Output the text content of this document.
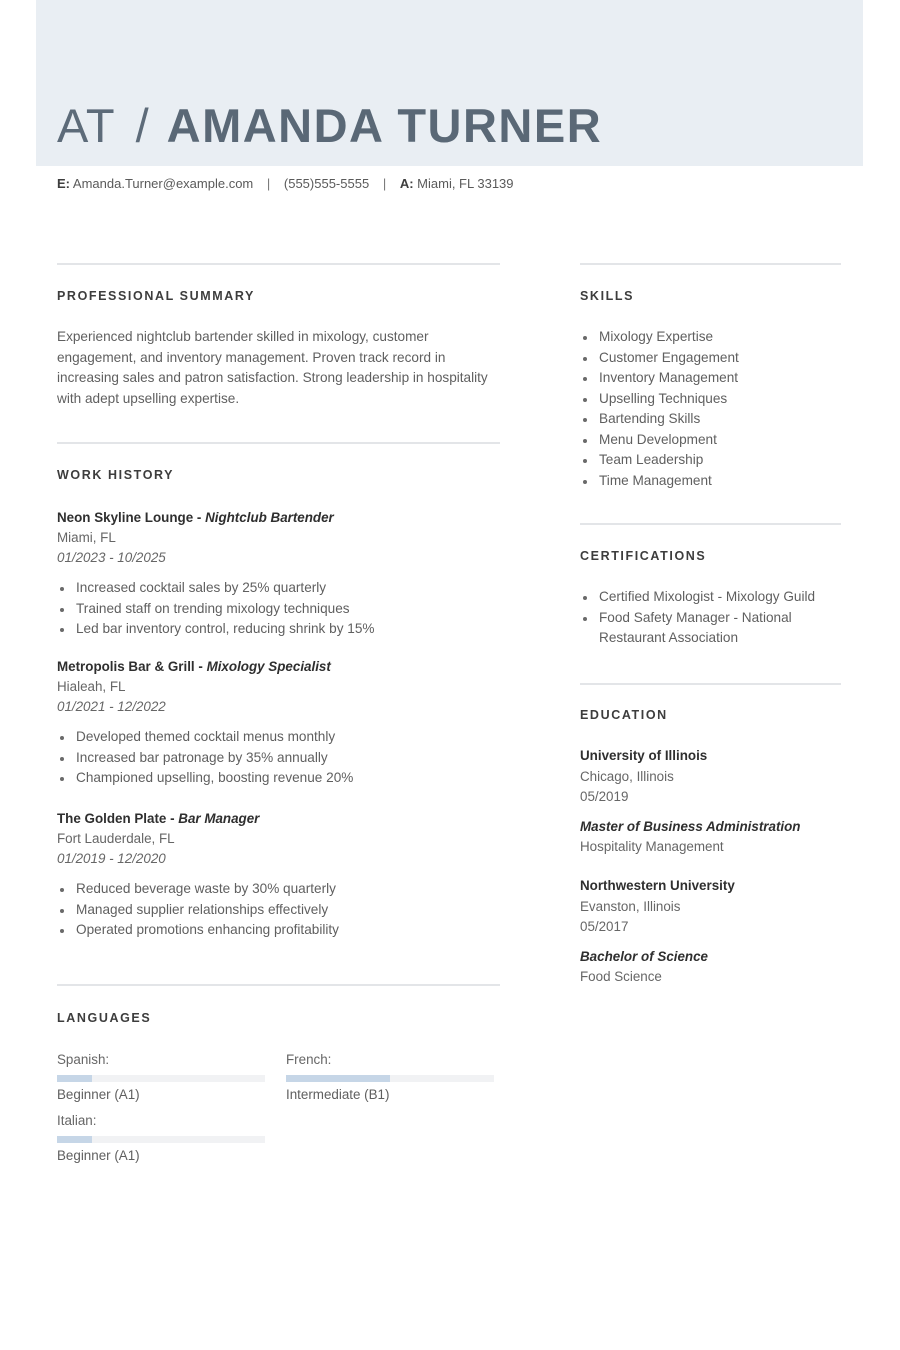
AT / AMANDA TURNER
E: Amanda.Turner@example.com | (555)555-5555 | A: Miami, FL 33139
PROFESSIONAL SUMMARY
Experienced nightclub bartender skilled in mixology, customer engagement, and inventory management. Proven track record in increasing sales and patron satisfaction. Strong leadership in hospitality with adept upselling expertise.
WORK HISTORY
Neon Skyline Lounge - Nightclub Bartender
Miami, FL
01/2023 - 10/2025
Increased cocktail sales by 25% quarterly
Trained staff on trending mixology techniques
Led bar inventory control, reducing shrink by 15%
Metropolis Bar & Grill - Mixology Specialist
Hialeah, FL
01/2021 - 12/2022
Developed themed cocktail menus monthly
Increased bar patronage by 35% annually
Championed upselling, boosting revenue 20%
The Golden Plate - Bar Manager
Fort Lauderdale, FL
01/2019 - 12/2020
Reduced beverage waste by 30% quarterly
Managed supplier relationships effectively
Operated promotions enhancing profitability
LANGUAGES
Spanish:
Beginner (A1)
French:
Intermediate (B1)
Italian:
Beginner (A1)
SKILLS
Mixology Expertise
Customer Engagement
Inventory Management
Upselling Techniques
Bartending Skills
Menu Development
Team Leadership
Time Management
CERTIFICATIONS
Certified Mixologist - Mixology Guild
Food Safety Manager - National Restaurant Association
EDUCATION
University of Illinois
Chicago, Illinois
05/2019
Master of Business Administration
Hospitality Management
Northwestern University
Evanston, Illinois
05/2017
Bachelor of Science
Food Science
